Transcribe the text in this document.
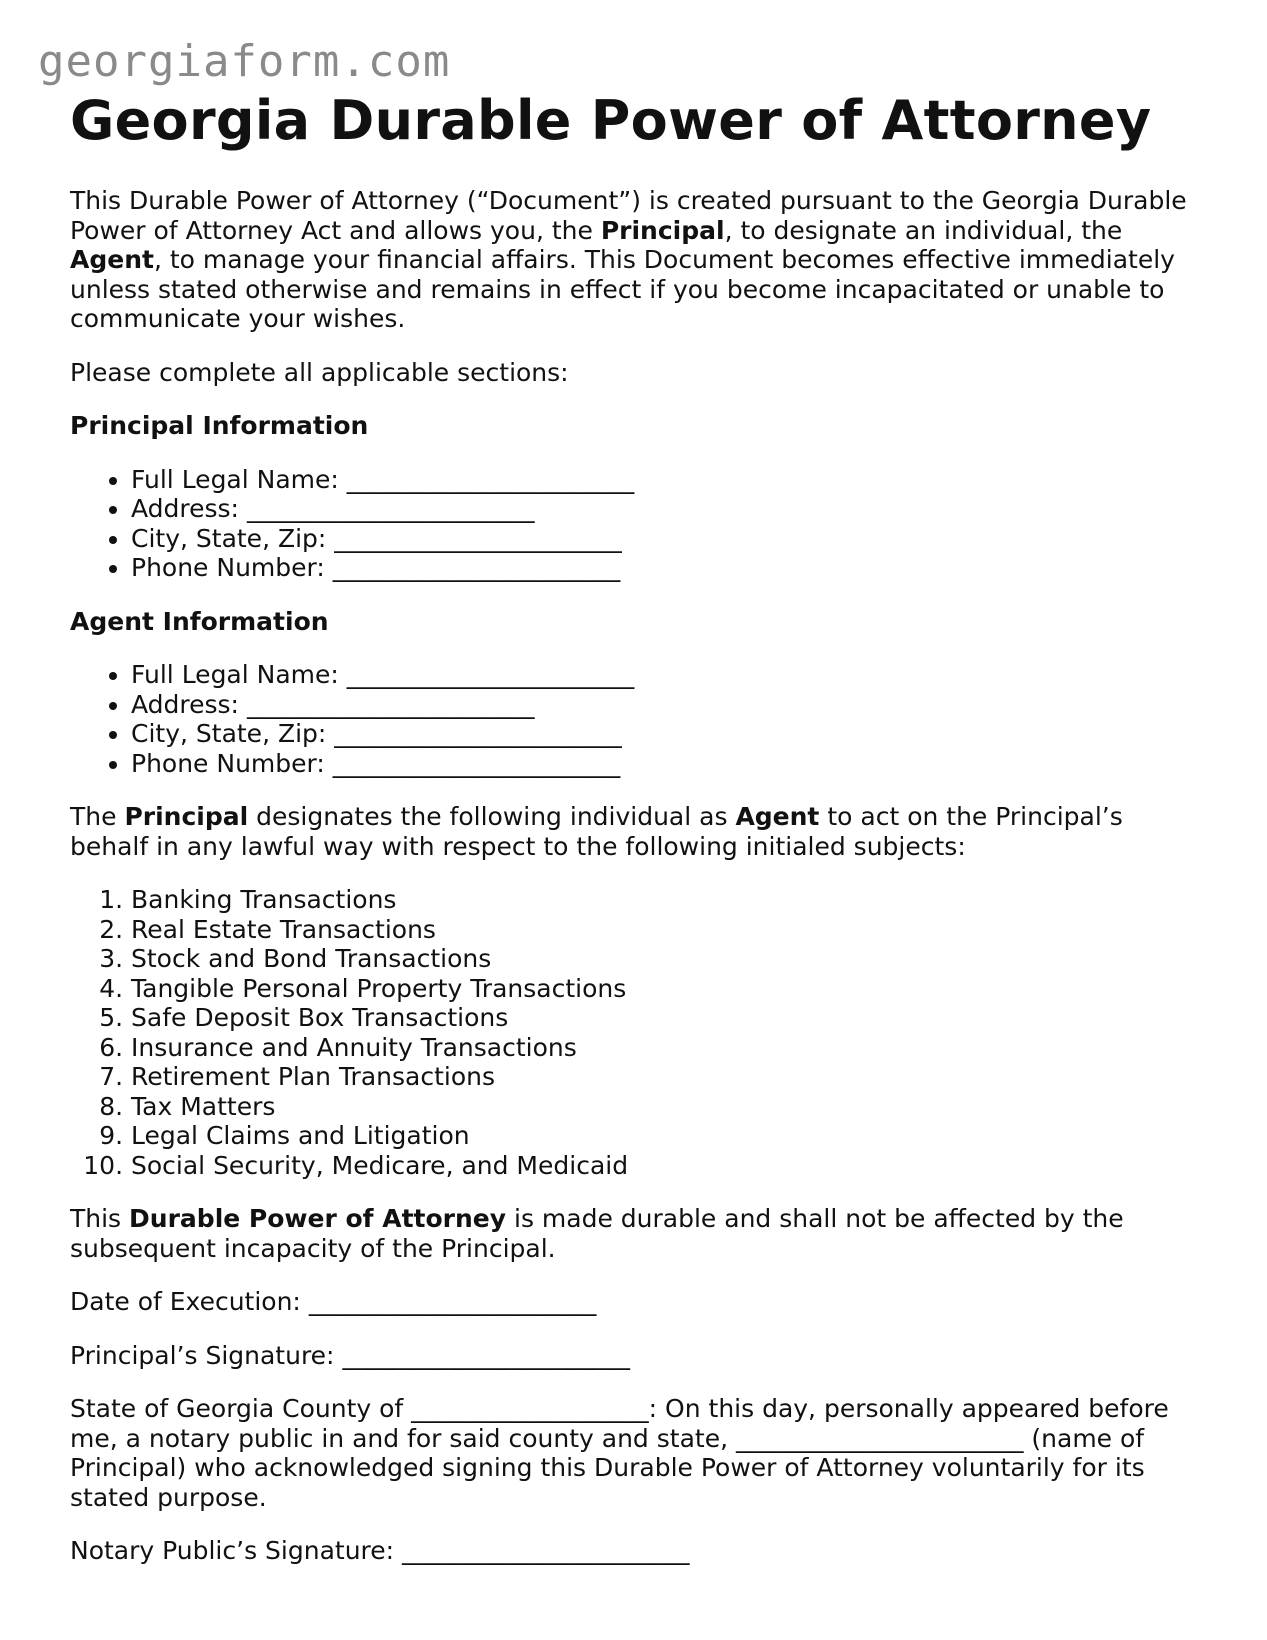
georgiaform.com
Georgia Durable Power of Attorney

This Durable Power of Attorney (“Document”) is created pursuant to the Georgia Durable Power of Attorney Act and allows you, the Principal, to designate an individual, the Agent, to manage your financial affairs. This Document becomes effective immediately unless stated otherwise and remains in effect if you become incapacitated or unable to communicate your wishes.

Please complete all applicable sections:

Principal Information
• Full Legal Name: _______________________
• Address: _______________________
• City, State, Zip: _______________________
• Phone Number: _______________________
Agent Information
• Full Legal Name: _______________________
• Address: _______________________
• City, State, Zip: _______________________
• Phone Number: _______________________

The Principal designates the following individual as Agent to act on the Principal’s behalf in any lawful way with respect to the following initialed subjects:

1. Banking Transactions
2. Real Estate Transactions
3. Stock and Bond Transactions
4. Tangible Personal Property Transactions
5. Safe Deposit Box Transactions
6. Insurance and Annuity Transactions
7. Retirement Plan Transactions
8. Tax Matters
9. Legal Claims and Litigation
10. Social Security, Medicare, and Medicaid

This Durable Power of Attorney is made durable and shall not be affected by the subsequent incapacity of the Principal.

Date of Execution: _______________________

Principal’s Signature: _______________________

State of Georgia County of ___________________: On this day, personally appeared before me, a notary public in and for said county and state, _______________________ (name of Principal) who acknowledged signing this Durable Power of Attorney voluntarily for its stated purpose.

Notary Public’s Signature: _______________________
